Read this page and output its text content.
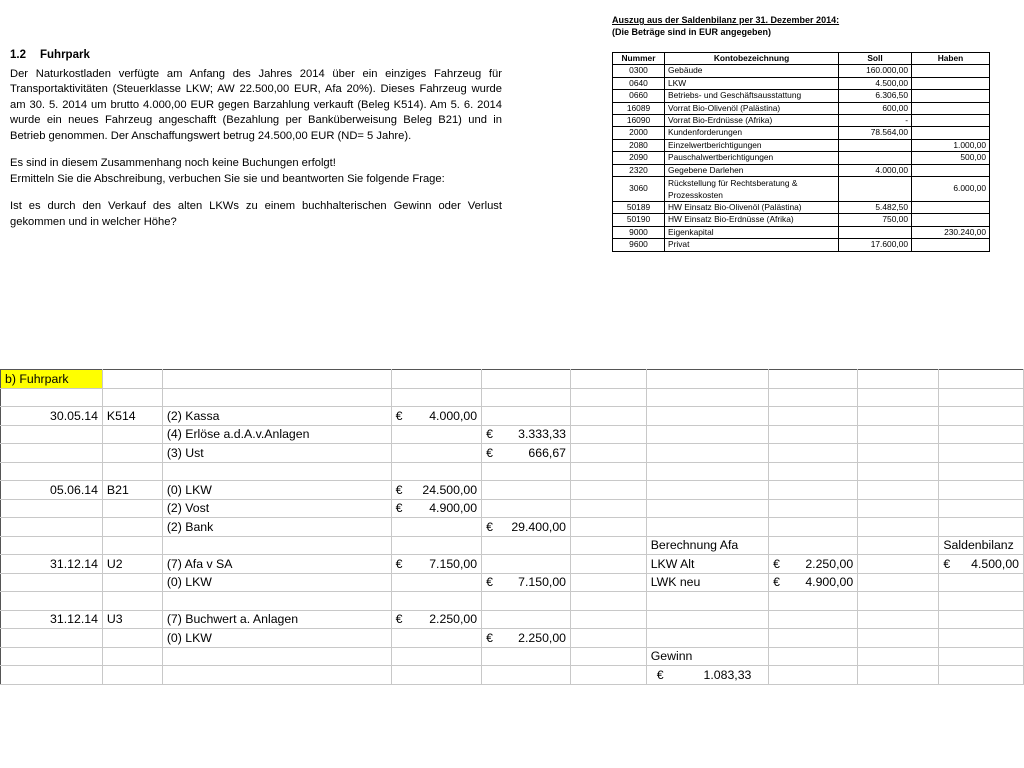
1.2 Fuhrpark

Der Naturkostladen verfügte am Anfang des Jahres 2014 über ein einziges Fahrzeug für Transportaktivitäten (Steuerklasse LKW; AW 22.500,00 EUR, Afa 20%). Dieses Fahrzeug wurde am 30. 5. 2014 um brutto 4.000,00 EUR gegen Barzahlung verkauft (Beleg K514). Am 5. 6. 2014 wurde ein neues Fahrzeug angeschafft (Bezahlung per Banküberweisung Beleg B21) und in Betrieb genommen. Der Anschaffungswert betrug 24.500,00 EUR (ND= 5 Jahre).

Es sind in diesem Zusammenhang noch keine Buchungen erfolgt!

Ermitteln Sie die Abschreibung, verbuchen Sie sie und beantworten Sie folgende Frage:

Ist es durch den Verkauf des alten LKWs zu einem buchhalterischen Gewinn oder Verlust gekommen und in welcher Höhe?

Auszug aus der Saldenbilanz per 31. Dezember 2014:
(Die Beträge sind in EUR angegeben)
Nummer	Kontobezeichnung	Soll	Haben
0300	Gebäude	160.000,00	
0640	LKW	4.500,00	
0660	Betriebs- und Geschäftsausstattung	6.306,50	
16089	Vorrat Bio-Olivenöl (Palästina)	600,00	
16090	Vorrat Bio-Erdnüsse (Afrika)	-	
2000	Kundenforderungen	78.564,00	
2080	Einzelwertberichtigungen		1.000,00
2090	Pauschalwertberichtigungen		500,00
2320	Gegebene Darlehen	4.000,00	
3060	Rückstellung für Rechtsberatung & Prozesskosten		6.000,00
50189	HW Einsatz Bio-Olivenöl (Palästina)	5.482,50	
50190	HW Einsatz Bio-Erdnüsse (Afrika)	750,00	
9000	Eigenkapital		230.240,00
9600	Privat	17.600,00	
b) Fuhrpark									

30.05.14	K514	(2) Kassa	€ 4.000,00						

		(4) Erlöse a.d.A.v.Anlagen		€ 3.333,33					

		(3) Ust		€ 666,67					

05.06.14	B21	(0) LKW	€ 24.500,00						

		(2) Vost	€ 4.900,00						

		(2) Bank		€ 29.400,00					

						Berechnung Afa			Saldenbilanz
31.12.14	U2	(7) Afa v SA	€ 7.150,00			LKW Alt	€ 2.250,00		€ 4.500,00

		(0) LKW		€ 7.150,00		LWK neu	€ 4.900,00		

31.12.14	U3	(7) Buchwert a. Anlagen	€ 2.250,00						

		(0) LKW		€ 2.250,00					

						Gewinn			

						€ 1.083,33			
